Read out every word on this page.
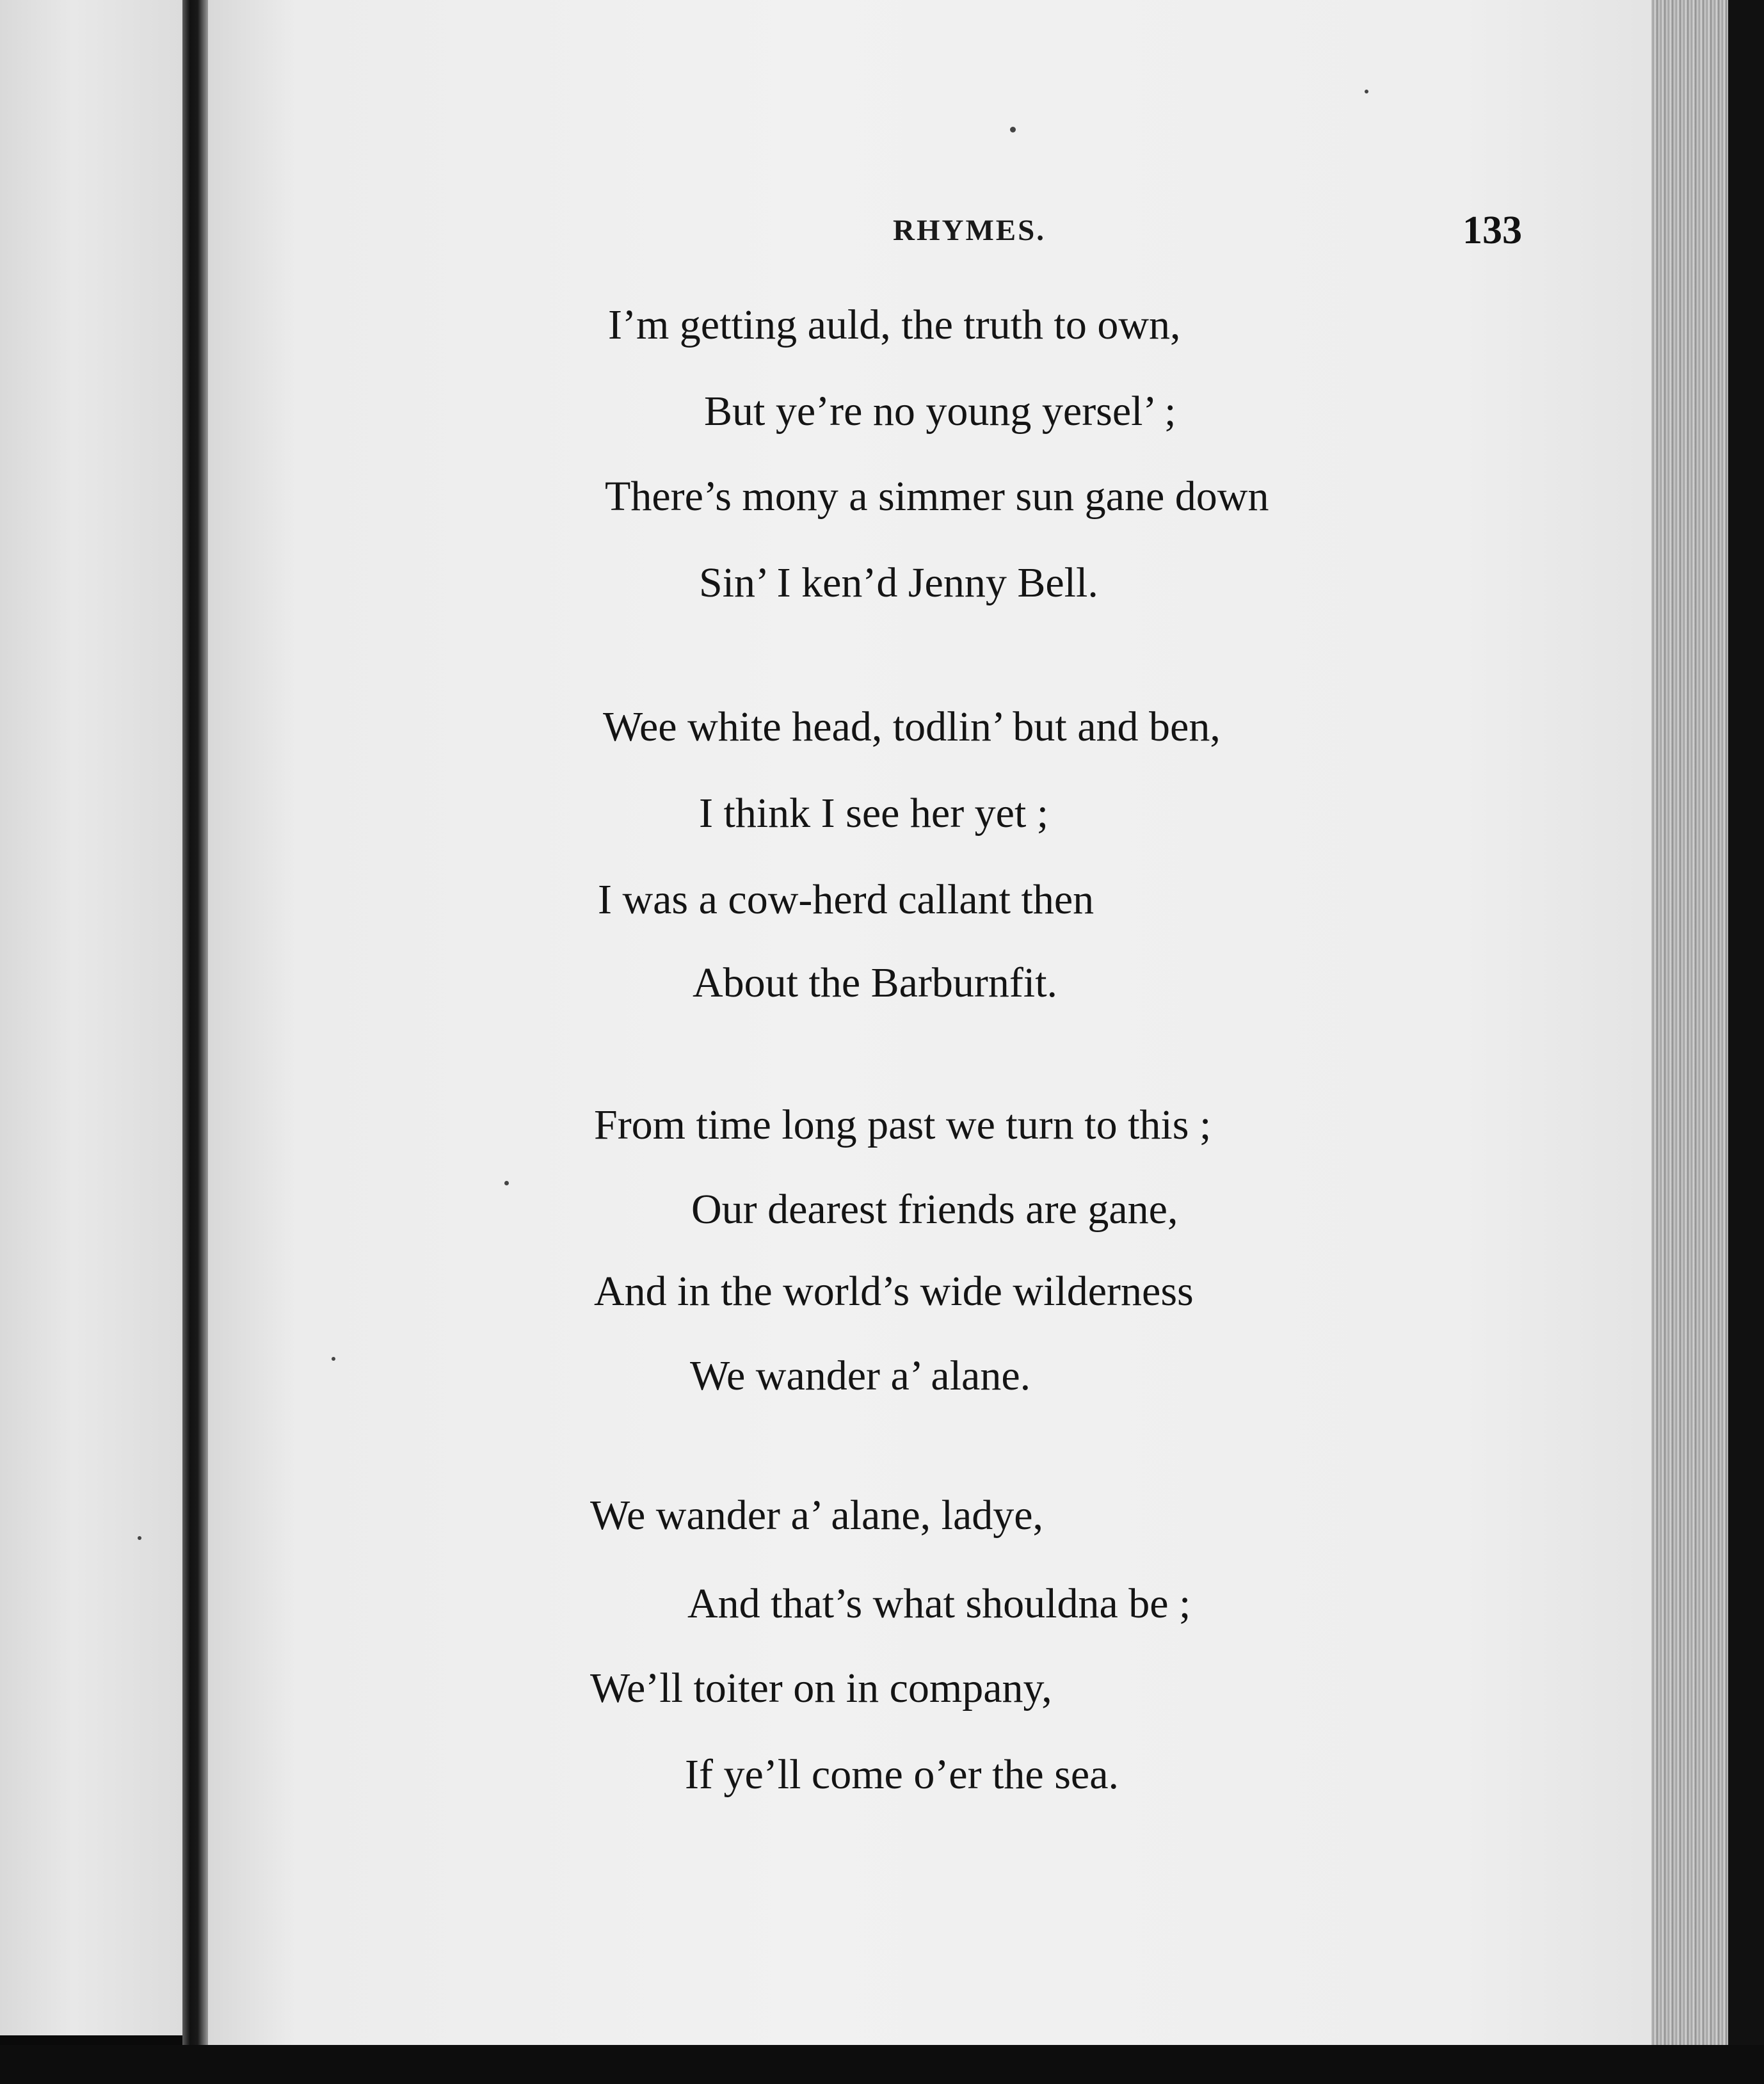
RHYMES.	133
I’m getting auld, the truth to own,
But ye’re no young yersel’ ;
There’s mony a simmer sun gane down
Sin’ I ken’d Jenny Bell.
Wee white head, todlin’ but and ben,
I think I see her yet ;
I was a cow-herd callant then
About the Barburnfit.
From time long past we turn to this ;
Our dearest friends are gane,
And in the world’s wide wilderness
We wander a’ alane.
We wander a’ alane, ladye,
And that’s what shouldna be ;
We’ll toiter on in company,
If ye’ll come o’er the sea.
